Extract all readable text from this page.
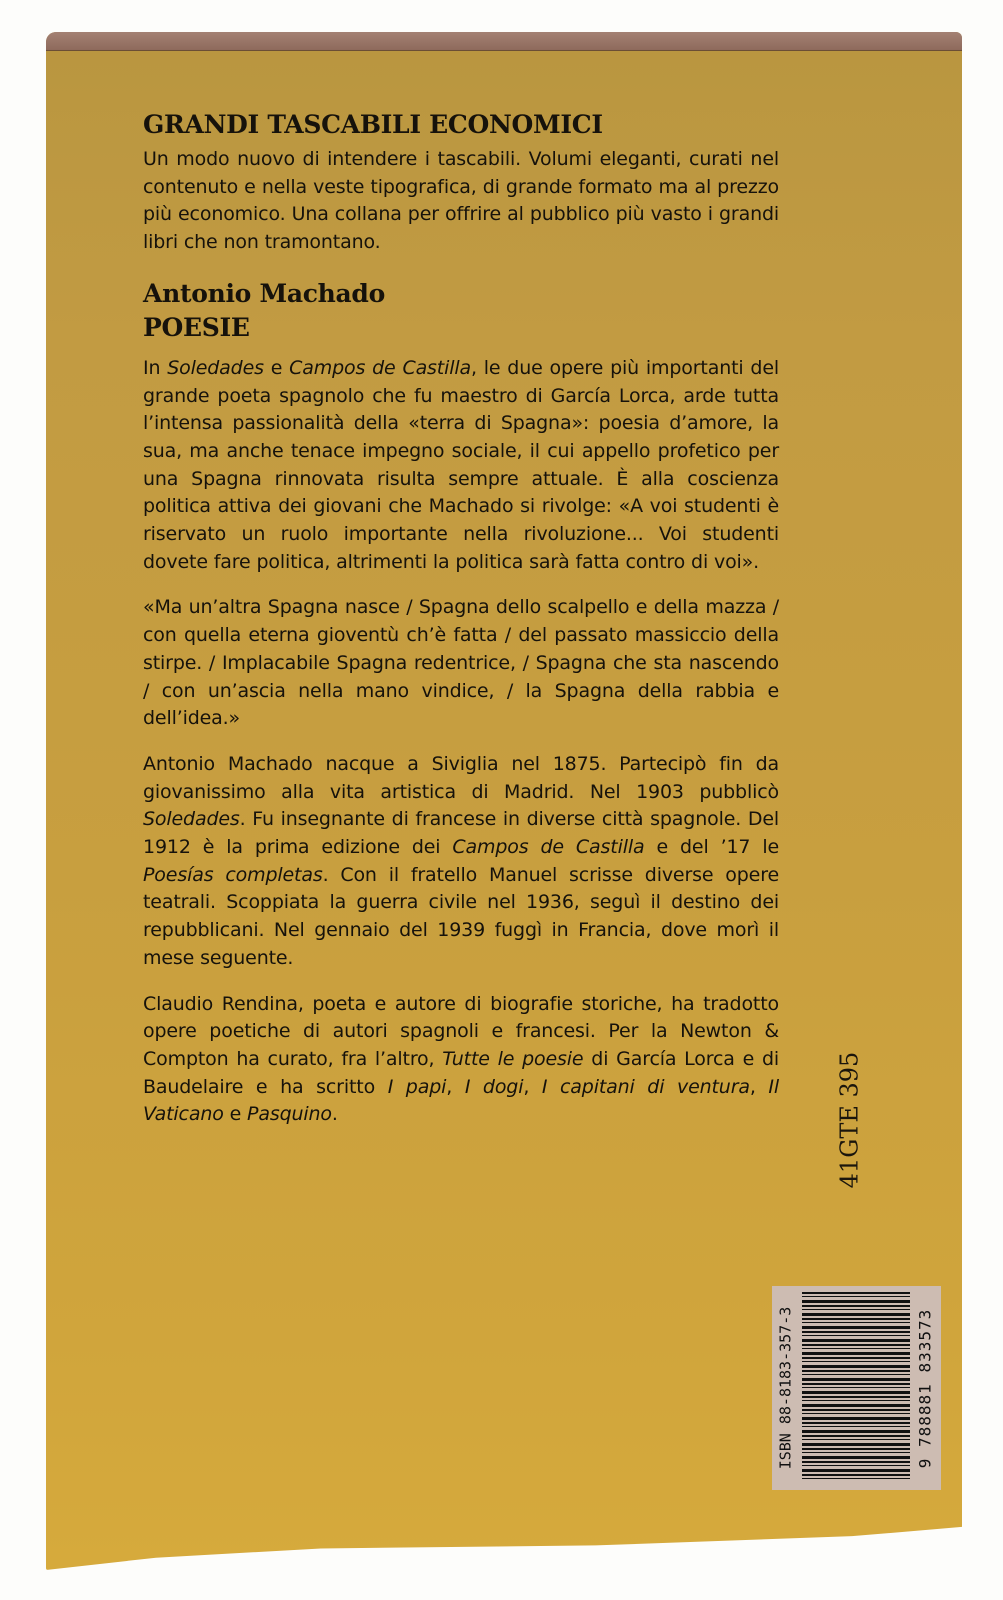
GRANDI TASCABILI ECONOMICI

Un modo nuovo di intendere i tascabili. Volumi eleganti, curati nel contenuto e nella veste tipografica, di grande formato ma al prezzo più economico. Una collana per offrire al pubblico più vasto i grandi libri che non tramontano.

Antonio Machado
POESIE

In Soledades e Campos de Castilla, le due opere più importanti del grande poeta spagnolo che fu maestro di García Lorca, arde tutta l’intensa passionalità della «terra di Spagna»: poesia d’amore, la sua, ma anche tenace impegno sociale, il cui appello profetico per una Spagna rinnovata risulta sempre attuale. È alla coscienza politica attiva dei giovani che Machado si rivolge: «A voi studenti è riservato un ruolo importante nella rivoluzione... Voi studenti dovete fare politica, altrimenti la politica sarà fatta contro di voi».

«Ma un’altra Spagna nasce / Spagna dello scalpello e della mazza / con quella eterna gioventù ch’è fatta / del passato massiccio della stirpe. / Implacabile Spagna redentrice, / Spagna che sta nascendo / con un’ascia nella mano vindice, / la Spagna della rabbia e dell’idea.»

Antonio Machado nacque a Siviglia nel 1875. Partecipò fin da giovanissimo alla vita artistica di Madrid. Nel 1903 pubblicò Soledades. Fu insegnante di francese in diverse città spagnole. Del 1912 è la prima edizione dei Campos de Castilla e del ’17 le Poesías completas. Con il fratello Manuel scrisse diverse opere teatrali. Scoppiata la guerra civile nel 1936, seguì il destino dei repubblicani. Nel gennaio del 1939 fuggì in Francia, dove morì il mese seguente.

Claudio Rendina, poeta e autore di biografie storiche, ha tradotto opere poetiche di autori spagnoli e francesi. Per la Newton & Compton ha curato, fra l’altro, Tutte le poesie di García Lorca e di Baudelaire e ha scritto I papi, I dogi, I capitani di ventura, Il Vaticano e Pasquino.	41GTE 395
ISBN 88-8183-357-3	9 788881 833573
